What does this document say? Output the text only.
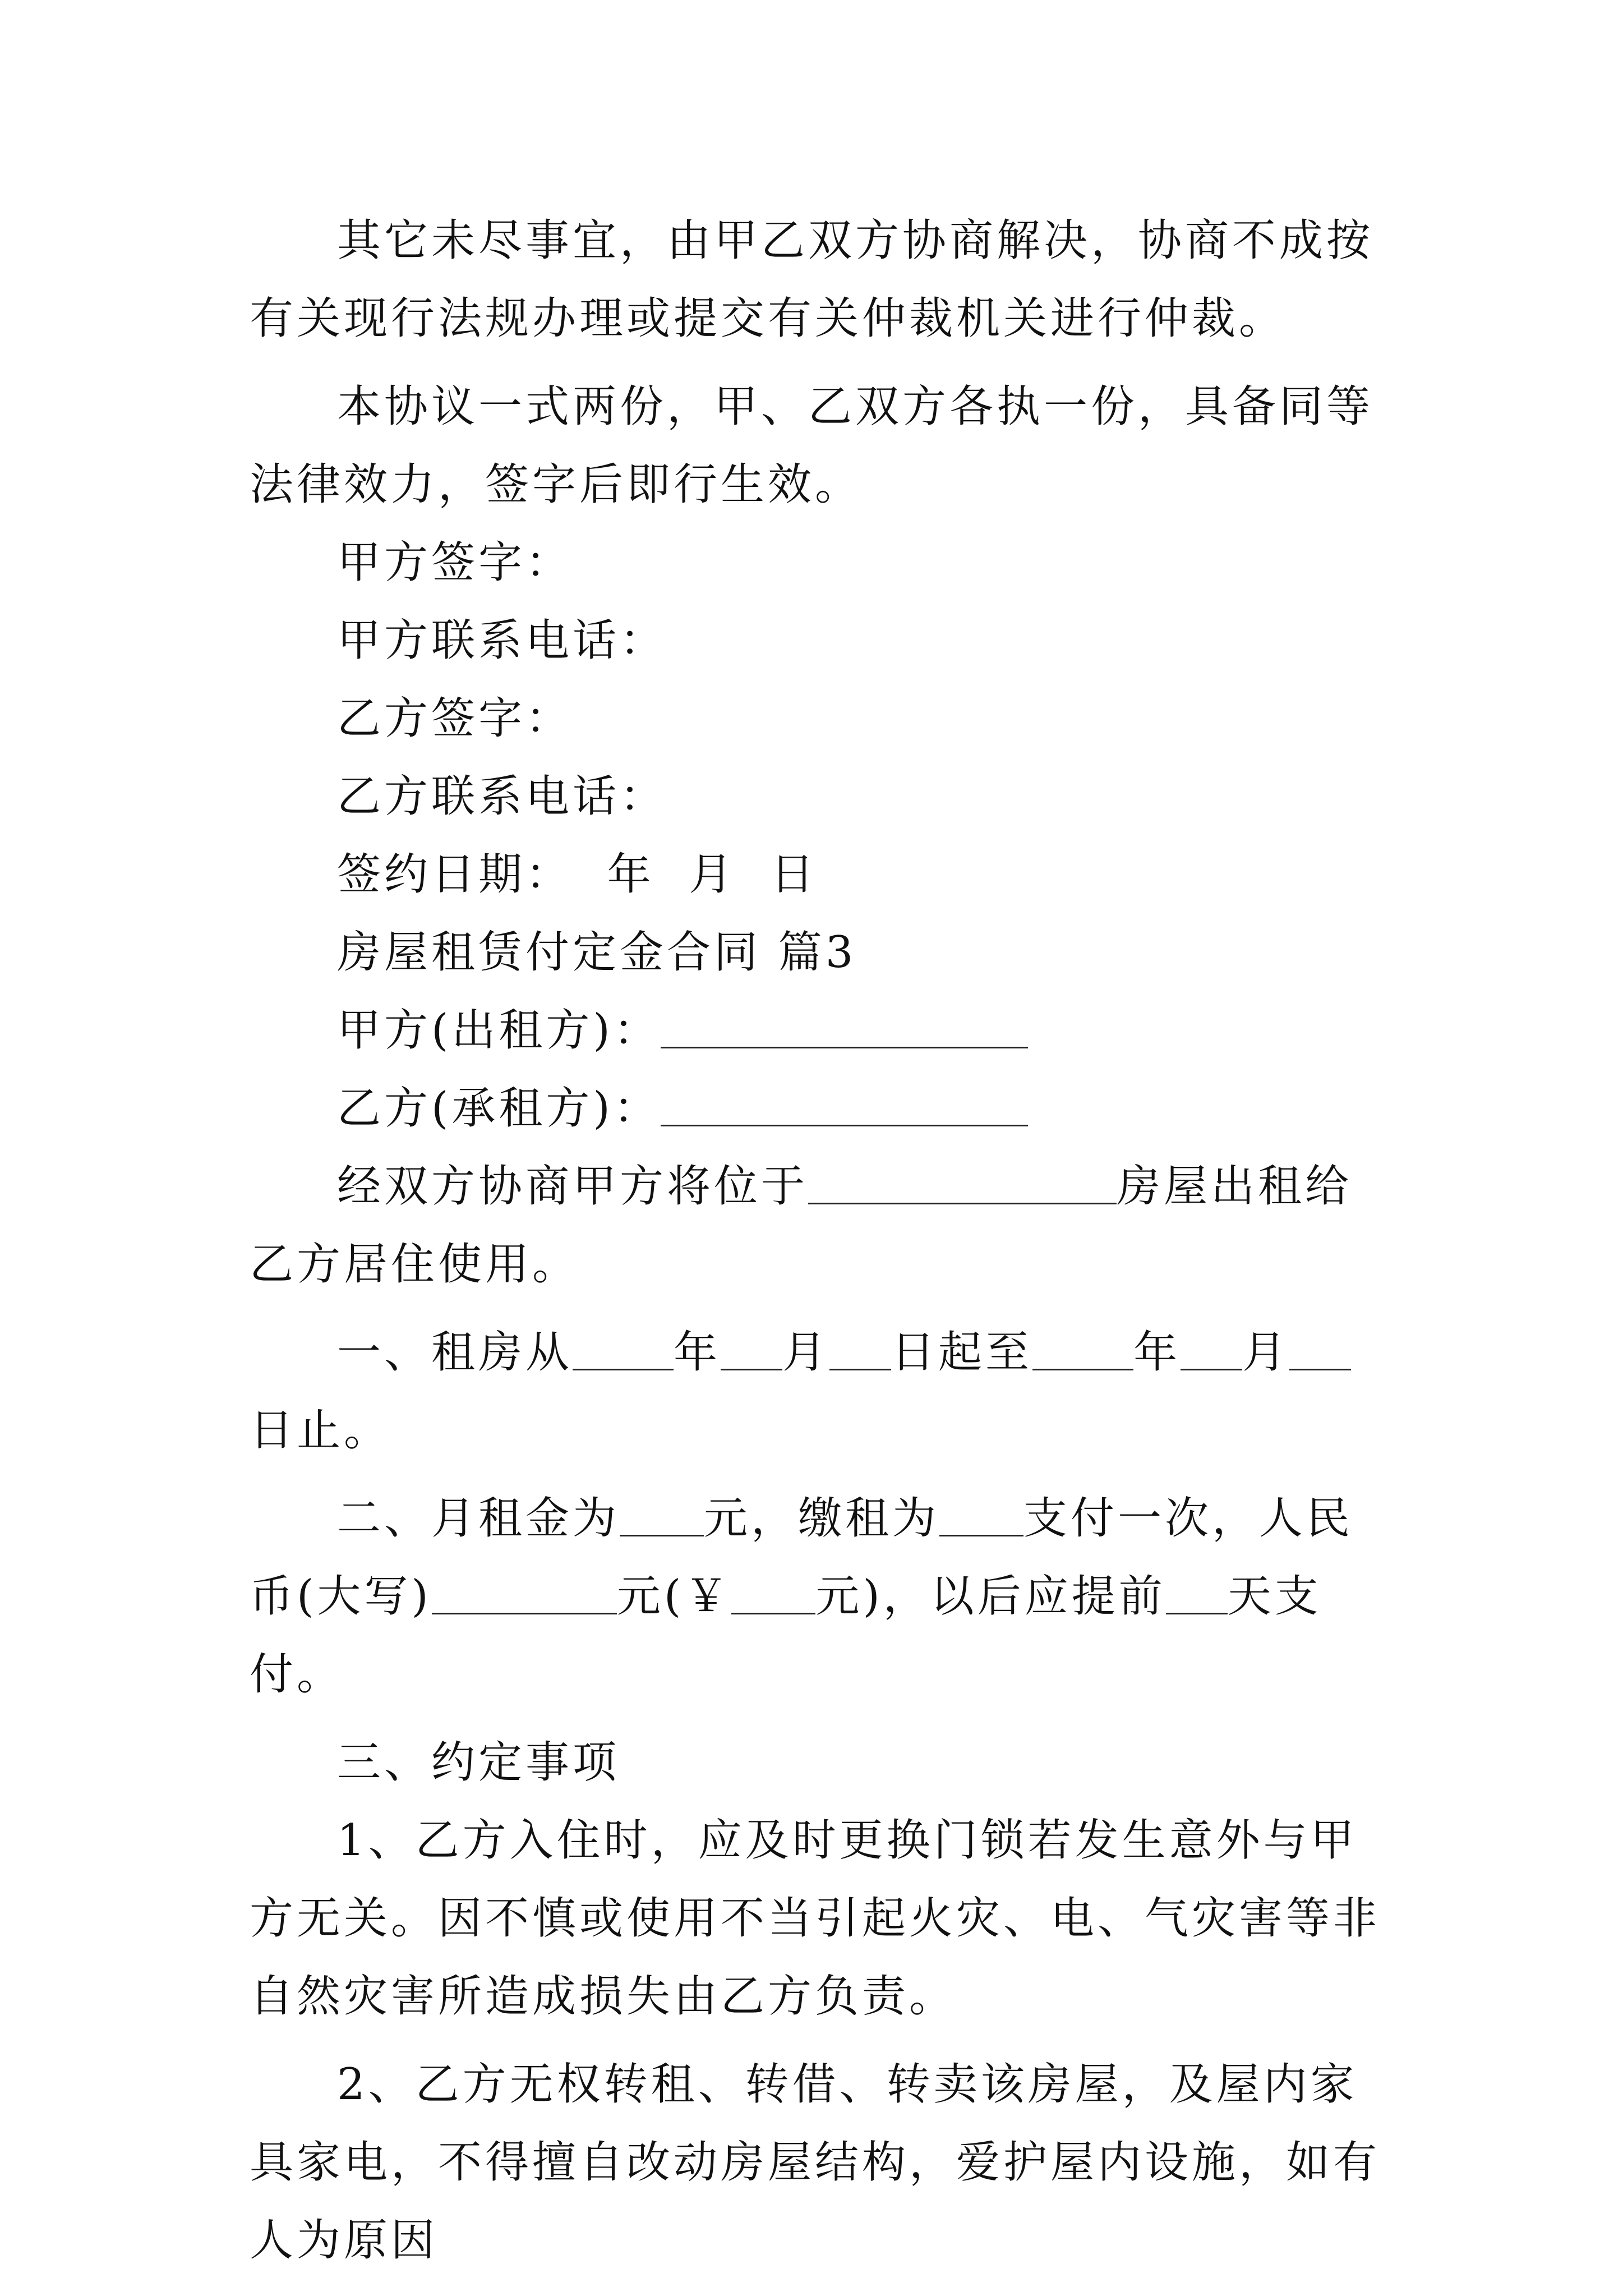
其它未尽事宜，由甲乙双方协商解决，协商不成按有关现行法规办理或提交有关仲裁机关进行仲裁。

本协议一式两份，甲、乙双方各执一份，具备同等法律效力，签字后即行生效。

甲方签字：

甲方联系电话：

乙方签字：

乙方联系电话：

签约日期：  年  月  日

房屋租赁付定金合同 篇3

甲方(出租方)：

乙方(承租方)：

经双方协商甲方将位于	房屋出租给乙方居住使用。

一、租房从 年 月 日起至 年 月日止。

二、月租金为 元，缴租为 支付一次，人民币(大写)	元(￥ 元)，以后应提前 天支付。

三、约定事项

1、乙方入住时，应及时更换门锁若发生意外与甲方无关。因不慎或使用不当引起火灾、电、气灾害等非自然灾害所造成损失由乙方负责。

2、乙方无权转租、转借、转卖该房屋，及屋内家具家电，不得擅自改动房屋结构，爱护屋内设施，如有人为原因
